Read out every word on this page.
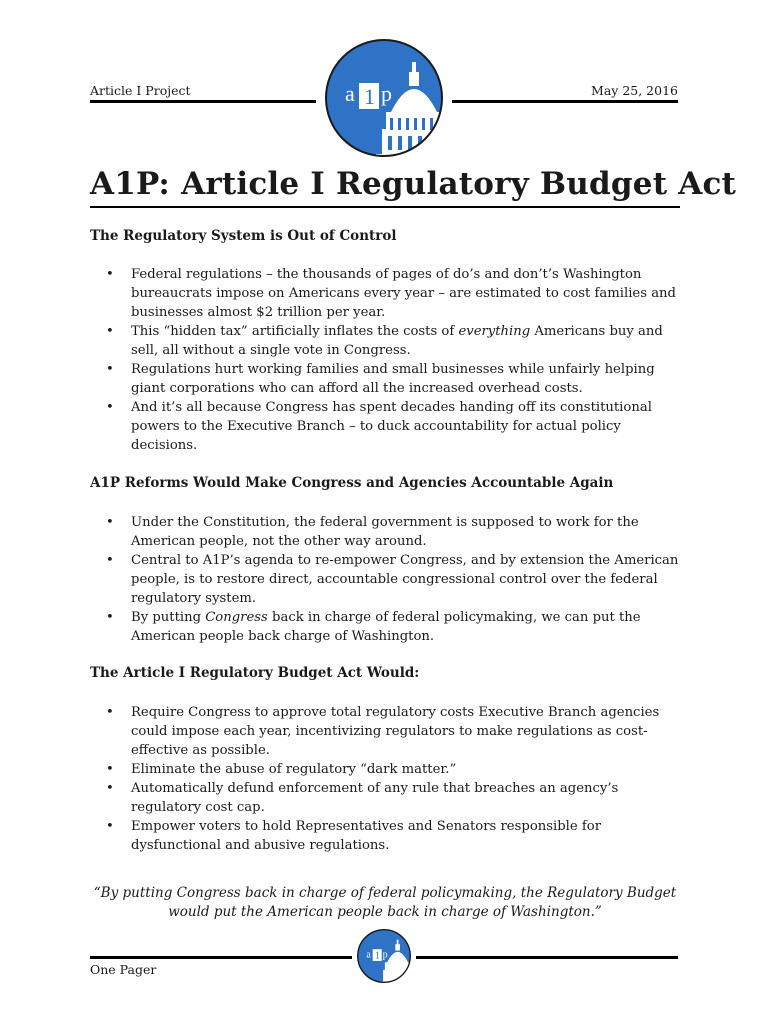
Article I Project	May 25, 2016
a 1 p
A1P: Article I Regulatory Budget Act
The Regulatory System is Out of Control
• Federal regulations – the thousands of pages of do’s and don’t’s Washington bureaucrats impose on Americans every year – are estimated to cost families and businesses almost $2 trillion per year.
• This “hidden tax” artificially inflates the costs of everything Americans buy and sell, all without a single vote in Congress.
• Regulations hurt working families and small businesses while unfairly helping giant corporations who can afford all the increased overhead costs.
• And it’s all because Congress has spent decades handing off its constitutional powers to the Executive Branch – to duck accountability for actual policy decisions.
A1P Reforms Would Make Congress and Agencies Accountable Again
• Under the Constitution, the federal government is supposed to work for the American people, not the other way around.
• Central to A1P’s agenda to re-empower Congress, and by extension the American people, is to restore direct, accountable congressional control over the federal regulatory system.
• By putting Congress back in charge of federal policymaking, we can put the American people back charge of Washington.
The Article I Regulatory Budget Act Would:
• Require Congress to approve total regulatory costs Executive Branch agencies could impose each year, incentivizing regulators to make regulations as cost-effective as possible.
• Eliminate the abuse of regulatory “dark matter.”
• Automatically defund enforcement of any rule that breaches an agency’s regulatory cost cap.
• Empower voters to hold Representatives and Senators responsible for dysfunctional and abusive regulations.
“By putting Congress back in charge of federal policymaking, the Regulatory Budget would put the American people back in charge of Washington.”
a 1 p
One Pager
